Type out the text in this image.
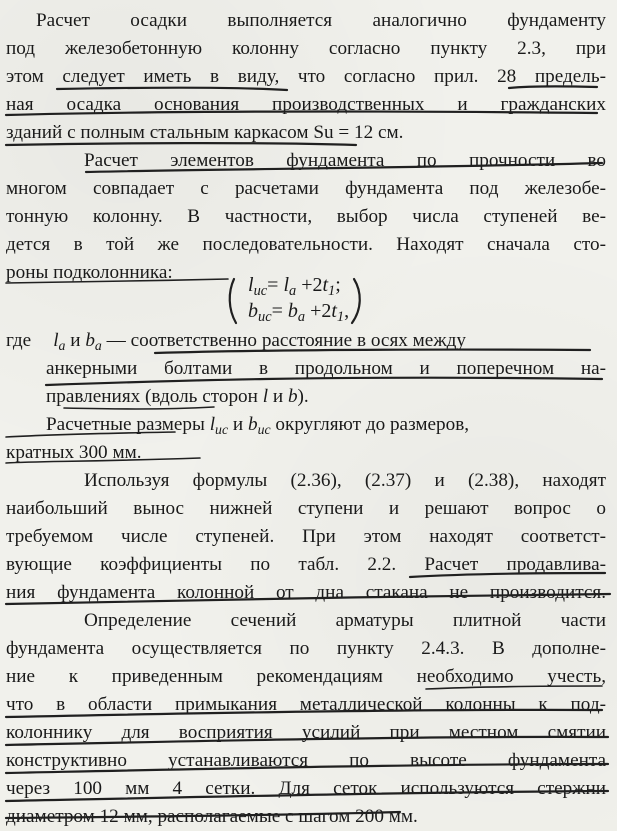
Расчет осадки выполняется аналогично фундаменту
под железобетонную колонну согласно пункту 2.3, при
этом следует иметь в виду, что согласно прил. 28 предель-
ная осадка основания производственных и гражданских
зданий с полным стальным каркасом Su = 12 см.
Расчет элементов фундамента по прочности во
многом совпадает с расчетами фундамента под железобе-
тонную колонну. В частности, выбор числа ступеней ве-
дется в той же последовательности. Находят сначала сто-
роны подколонника:
$l_{uc}= l_a +2t_1$;
$b_{uc}= b_a +2t_1$,
где $l_a$ и $b_a$ — соответственно расстояние в осях между
анкерными болтами в продольном и поперечном на-
правлениях (вдоль сторон l и b).
Расчетные размеры $l_{uc}$ и $b_{uc}$ округляют до размеров,
кратных 300 мм.
Используя формулы (2.36), (2.37) и (2.38), находят
наибольший вынос нижней ступени и решают вопрос о
требуемом числе ступеней. При этом находят соответст-
вующие коэффициенты по табл. 2.2. Расчет продавлива-
ния фундамента колонной от дна стакана не производится.
Определение сечений арматуры плитной части
фундамента осуществляется по пункту 2.4.3. В дополне-
ние к приведенным рекомендациям необходимо учесть,
что в области примыкания металлической колонны к под-
колоннику для восприятия усилий при местном смятии
конструктивно устанавливаются по высоте фундамента
через 100 мм 4 сетки. Для сеток используются стержни
диаметром 12 мм, располагаемые с шагом 200 мм.
